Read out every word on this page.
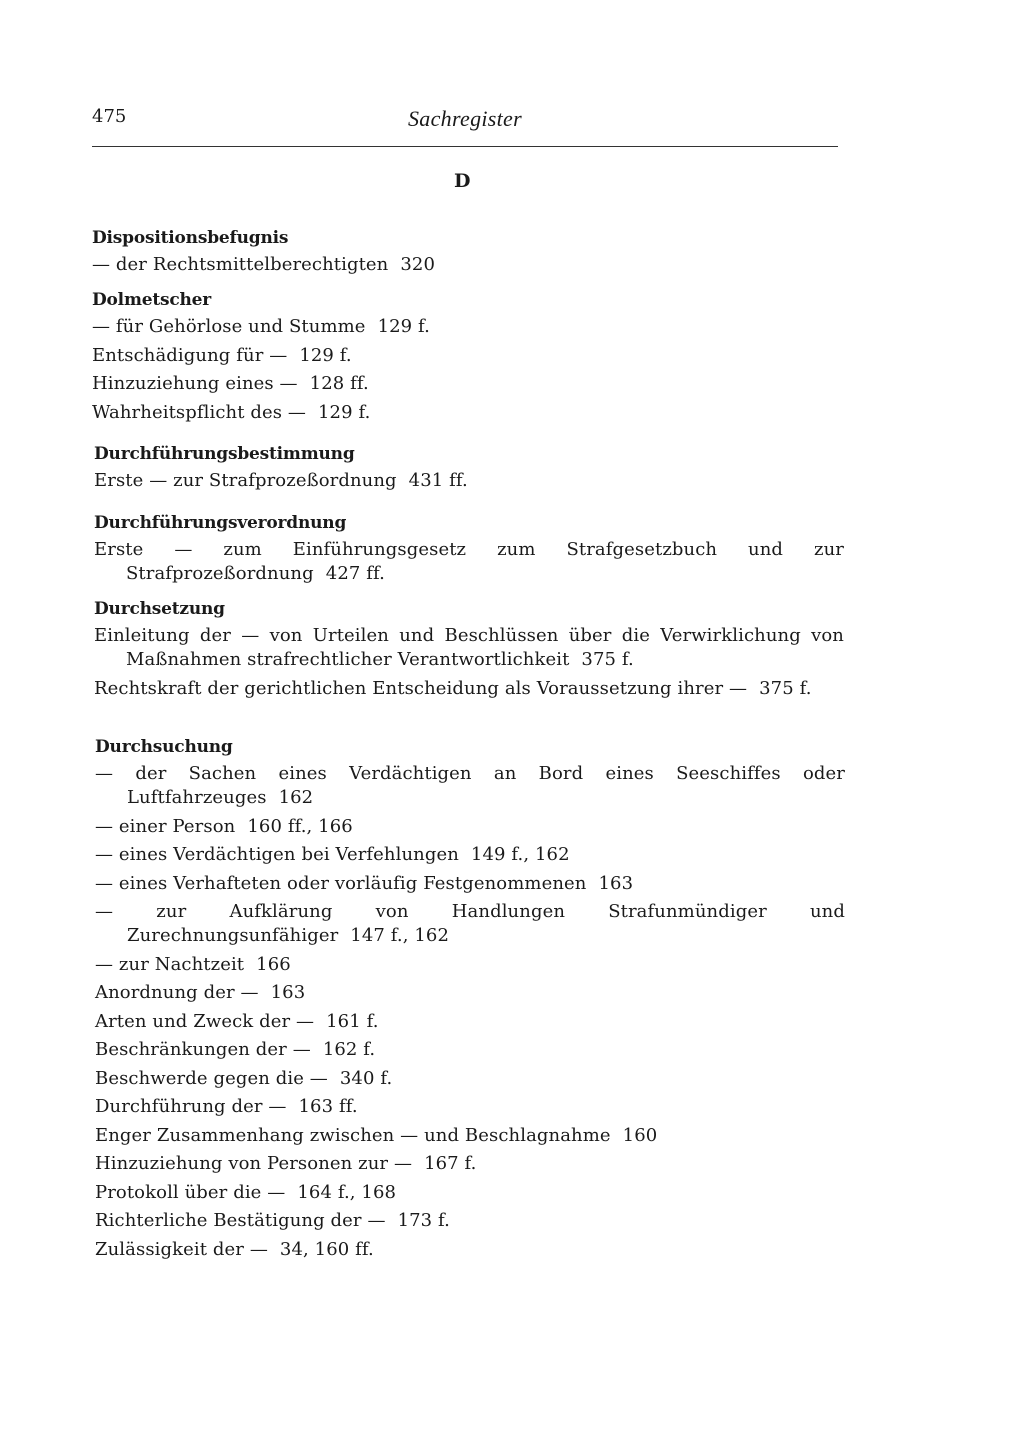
475	Sachregister
D
Dispositionsbefugnis
— der Rechtsmittelberechtigten 320
Dolmetscher
— für Gehörlose und Stumme 129 f.
Entschädigung für — 129 f.
Hinzuziehung eines — 128 ff.
Wahrheitspflicht des — 129 f.
Durchführungsbestimmung
Erste — zur Strafprozeßordnung 431 ff.
Durchführungsverordnung
Erste — zum Einführungsgesetz zum Strafgesetzbuch und zur Strafprozeßordnung 427 ff.
Durchsetzung
Einleitung der — von Urteilen und Beschlüssen über die Verwirklichung von Maßnahmen strafrechtlicher Verantwortlichkeit 375 f.
Rechtskraft der gerichtlichen Entscheidung als Voraussetzung ihrer — 375 f.
Durchsuchung
— der Sachen eines Verdächtigen an Bord eines Seeschiffes oder Luftfahrzeuges 162
— einer Person 160 ff., 166
— eines Verdächtigen bei Verfehlungen 149 f., 162
— eines Verhafteten oder vorläufig Festgenommenen 163
— zur Aufklärung von Handlungen Strafunmündiger und Zurechnungsunfähiger 147 f., 162
— zur Nachtzeit 166
Anordnung der — 163
Arten und Zweck der — 161 f.
Beschränkungen der — 162 f.
Beschwerde gegen die — 340 f.
Durchführung der — 163 ff.
Enger Zusammenhang zwischen — und Beschlagnahme 160
Hinzuziehung von Personen zur — 167 f.
Protokoll über die — 164 f., 168
Richterliche Bestätigung der — 173 f.
Zulässigkeit der — 34, 160 ff.
